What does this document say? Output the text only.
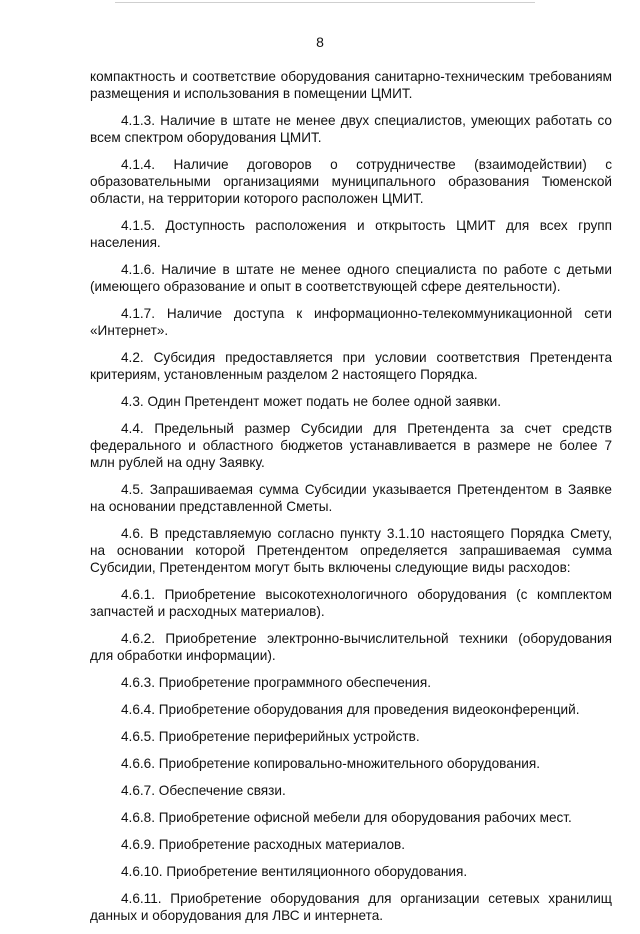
8

компактность и соответствие оборудования санитарно-техническим требованиям размещения и использования в помещении ЦМИТ.

4.1.3. Наличие в штате не менее двух специалистов, умеющих работать со всем спектром оборудования ЦМИТ.

4.1.4. Наличие договоров о сотрудничестве (взаимодействии) с образовательными организациями муниципального образования Тюменской области, на территории которого расположен ЦМИТ.

4.1.5. Доступность расположения и открытость ЦМИТ для всех групп населения.

4.1.6. Наличие в штате не менее одного специалиста по работе с детьми (имеющего образование и опыт в соответствующей сфере деятельности).

4.1.7. Наличие доступа к информационно-телекоммуникационной сети «Интернет».

4.2. Субсидия предоставляется при условии соответствия Претендента критериям, установленным разделом 2 настоящего Порядка.

4.3. Один Претендент может подать не более одной заявки.

4.4. Предельный размер Субсидии для Претендента за счет средств федерального и областного бюджетов устанавливается в размере не более 7 млн рублей на одну Заявку.

4.5. Запрашиваемая сумма Субсидии указывается Претендентом в Заявке на основании представленной Сметы.

4.6. В представляемую согласно пункту 3.1.10 настоящего Порядка Смету, на основании которой Претендентом определяется запрашиваемая сумма Субсидии, Претендентом могут быть включены следующие виды расходов:

4.6.1. Приобретение высокотехнологичного оборудования (с комплектом запчастей и расходных материалов).

4.6.2. Приобретение электронно-вычислительной техники (оборудования для обработки информации).

4.6.3. Приобретение программного обеспечения.

4.6.4. Приобретение оборудования для проведения видеоконференций.

4.6.5. Приобретение периферийных устройств.

4.6.6. Приобретение копировально-множительного оборудования.

4.6.7. Обеспечение связи.

4.6.8. Приобретение офисной мебели для оборудования рабочих мест.

4.6.9. Приобретение расходных материалов.

4.6.10. Приобретение вентиляционного оборудования.

4.6.11. Приобретение оборудования для организации сетевых хранилищ данных и оборудования для ЛВС и интернета.
